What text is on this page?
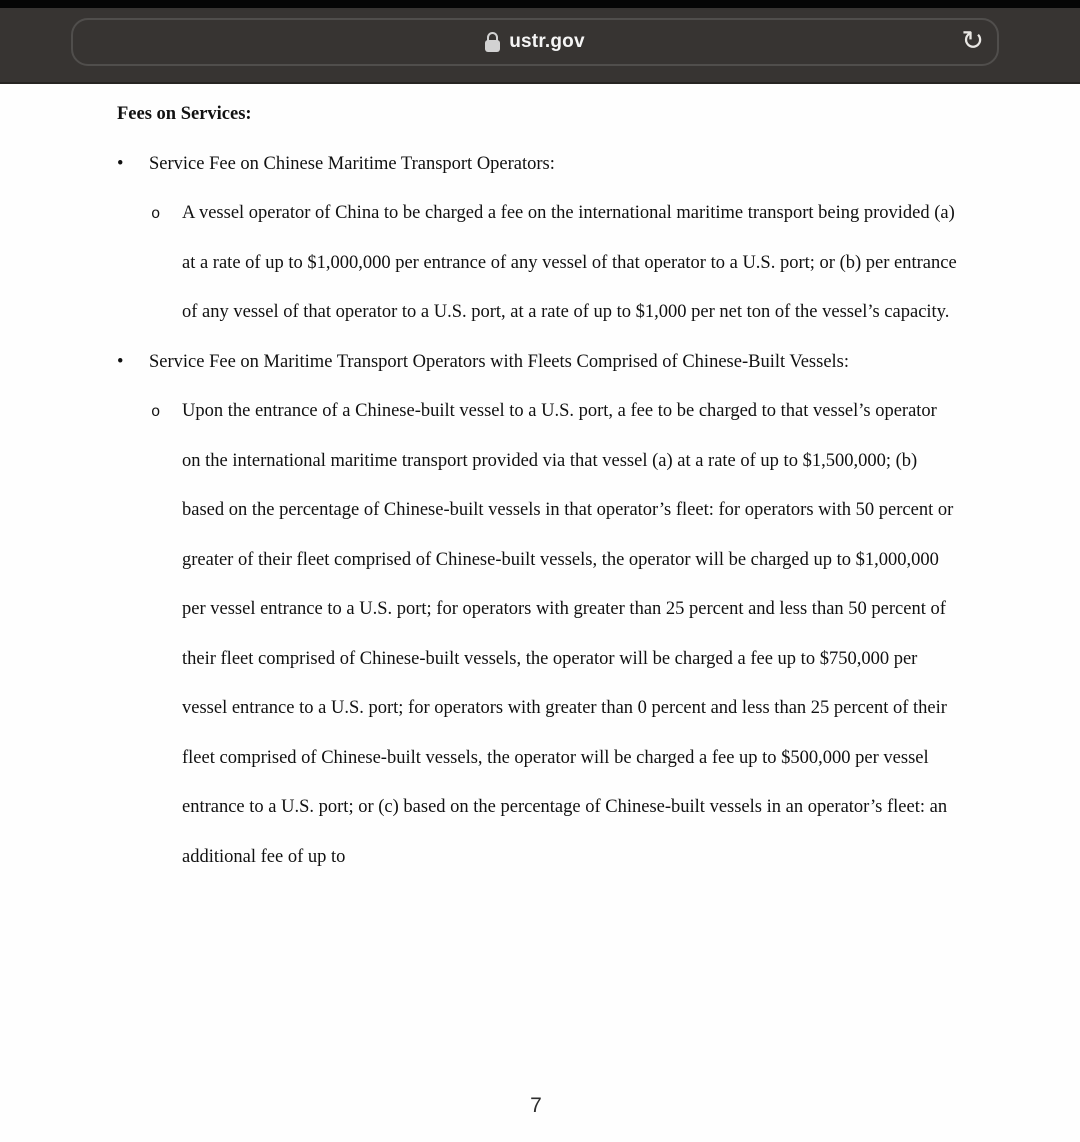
ustr.gov	↻

Fees on Services:

• Service Fee on Chinese Maritime Transport Operators:
o A vessel operator of China to be charged a fee on the international maritime transport being provided (a) at a rate of up to $1,000,000 per entrance of any vessel of that operator to a U.S. port; or (b) per entrance of any vessel of that operator to a U.S. port, at a rate of up to $1,000 per net ton of the vessel’s capacity.
• Service Fee on Maritime Transport Operators with Fleets Comprised of Chinese-Built Vessels:
o Upon the entrance of a Chinese-built vessel to a U.S. port, a fee to be charged to that vessel’s operator on the international maritime transport provided via that vessel (a) at a rate of up to $1,500,000; (b) based on the percentage of Chinese-built vessels in that operator’s fleet: for operators with 50 percent or greater of their fleet comprised of Chinese-built vessels, the operator will be charged up to $1,000,000 per vessel entrance to a U.S. port; for operators with greater than 25 percent and less than 50 percent of their fleet comprised of Chinese-built vessels, the operator will be charged a fee up to $750,000 per vessel entrance to a U.S. port; for operators with greater than 0 percent and less than 25 percent of their fleet comprised of Chinese-built vessels, the operator will be charged a fee up to $500,000 per vessel entrance to a U.S. port; or (c) based on the percentage of Chinese-built vessels in an operator’s fleet: an additional fee of up to
7
